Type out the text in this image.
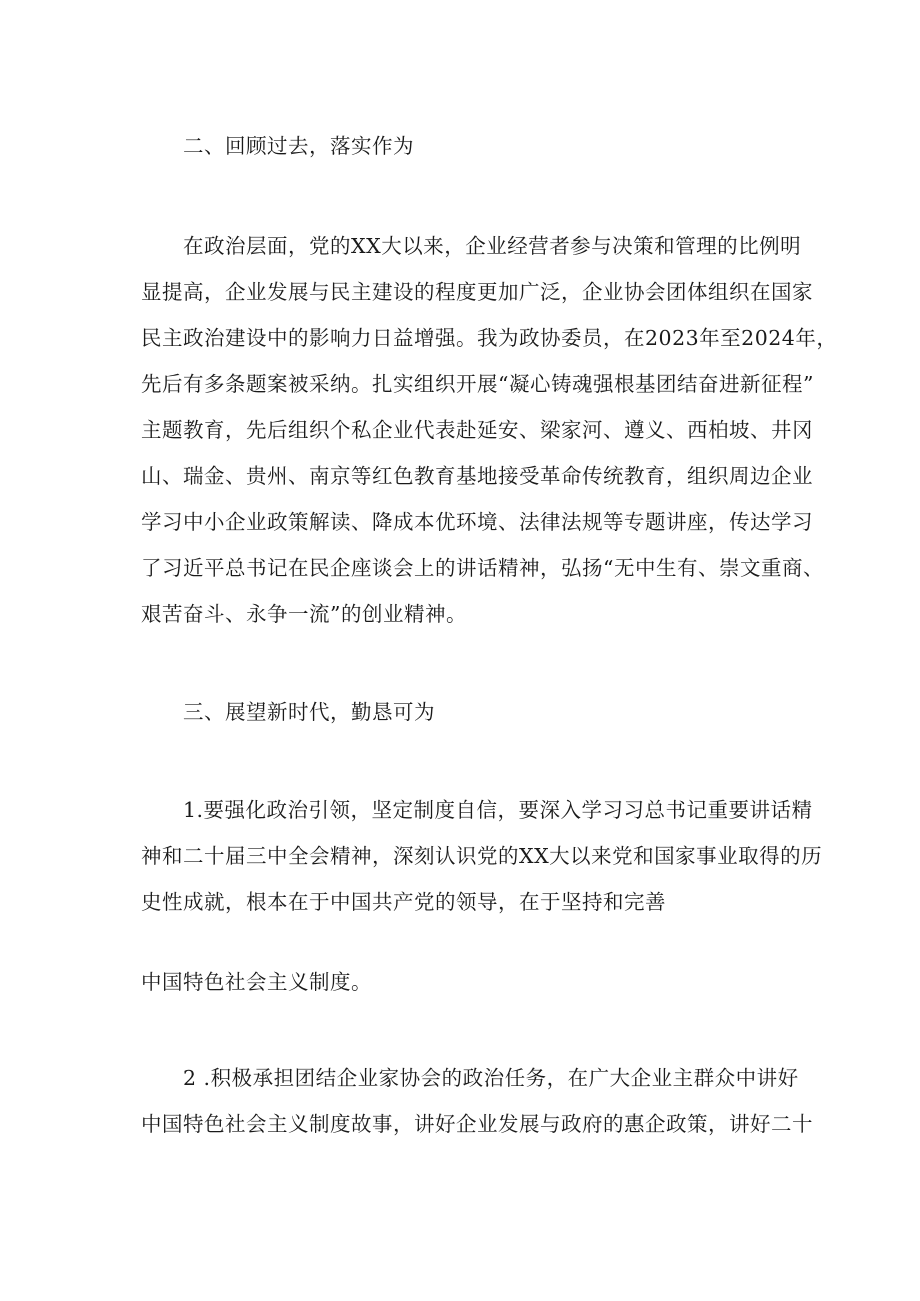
二、回顾过去，落实作为

在政治层面，党的XX大以来，企业经营者参与决策和管理的比例明

显提高，企业发展与民主建设的程度更加广泛，企业协会团体组织在国家

民主政治建设中的影响力日益增强。我为政协委员，在2023年至2024年，

先后有多条题案被采纳。扎实组织开展“凝心铸魂强根基团结奋进新征程”

主题教育，先后组织个私企业代表赴延安、梁家河、遵义、西柏坡、井冈

山、瑞金、贵州、南京等红色教育基地接受革命传统教育，组织周边企业

学习中小企业政策解读、降成本优环境、法律法规等专题讲座，传达学习

了习近平总书记在民企座谈会上的讲话精神，弘扬“无中生有、崇文重商、

艰苦奋斗、永争一流”的创业精神。

三、展望新时代，勤恳可为

1.要强化政治引领，坚定制度自信，要深入学习习总书记重要讲话精

神和二十届三中全会精神，深刻认识党的XX大以来党和国家事业取得的历

史性成就，根本在于中国共产党的领导，在于坚持和完善

中国特色社会主义制度。

2 .积极承担团结企业家协会的政治任务，在广大企业主群众中讲好

中国特色社会主义制度故事，讲好企业发展与政府的惠企政策，讲好二十
